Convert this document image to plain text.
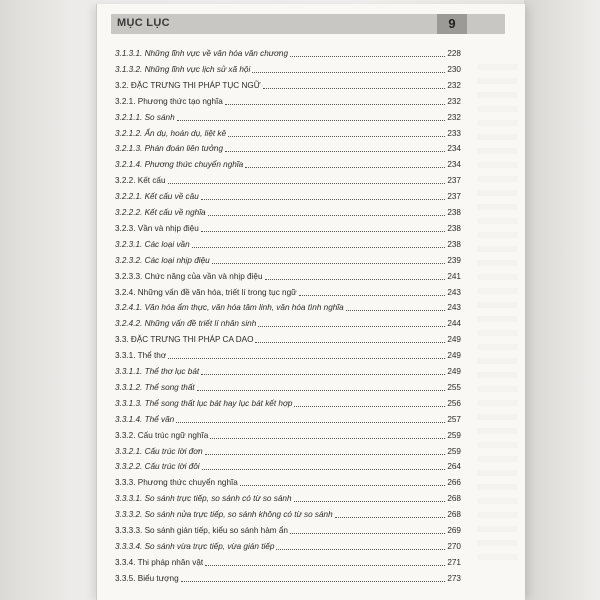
MỤC LỤC	9
3.1.3.1. Những lĩnh vực về văn hóa văn chương	228
3.1.3.2. Những lĩnh vực lịch sử xã hội	230
3.2. ĐẶC TRƯNG THI PHÁP TỤC NGỮ	232
3.2.1. Phương thức tạo nghĩa	232
3.2.1.1. So sánh	232
3.2.1.2. Ẩn dụ, hoán dụ, liệt kê	233
3.2.1.3. Phán đoán liên tưởng	234
3.2.1.4. Phương thức chuyển nghĩa	234
3.2.2. Kết cấu	237
3.2.2.1. Kết cấu về câu	237
3.2.2.2. Kết cấu về nghĩa	238
3.2.3. Vần và nhịp điệu	238
3.2.3.1. Các loại vần	238
3.2.3.2. Các loại nhịp điệu	239
3.2.3.3. Chức năng của vần và nhịp điệu	241
3.2.4. Những vấn đề văn hóa, triết lí trong tục ngữ	243
3.2.4.1. Văn hóa ẩm thực, văn hóa tâm linh, văn hóa tình nghĩa	243
3.2.4.2. Những vấn đề triết lí nhân sinh	244
3.3. ĐẶC TRƯNG THI PHÁP CA DAO	249
3.3.1. Thể thơ	249
3.3.1.1. Thể thơ lục bát	249
3.3.1.2. Thể song thất	255
3.3.1.3. Thể song thất lục bát hay lục bát kết hợp	256
3.3.1.4. Thể vãn	257
3.3.2. Cấu trúc ngữ nghĩa	259
3.3.2.1. Cấu trúc lời đơn	259
3.3.2.2. Cấu trúc lời đôi	264
3.3.3. Phương thức chuyển nghĩa	266
3.3.3.1. So sánh trực tiếp, so sánh có từ so sánh	268
3.3.3.2. So sánh nửa trực tiếp, so sánh không có từ so sánh	268
3.3.3.3. So sánh gián tiếp, kiểu so sánh hàm ẩn	269
3.3.3.4. So sánh vừa trực tiếp, vừa gián tiếp	270
3.3.4. Thi pháp nhân vật	271
3.3.5. Biểu tượng	273
